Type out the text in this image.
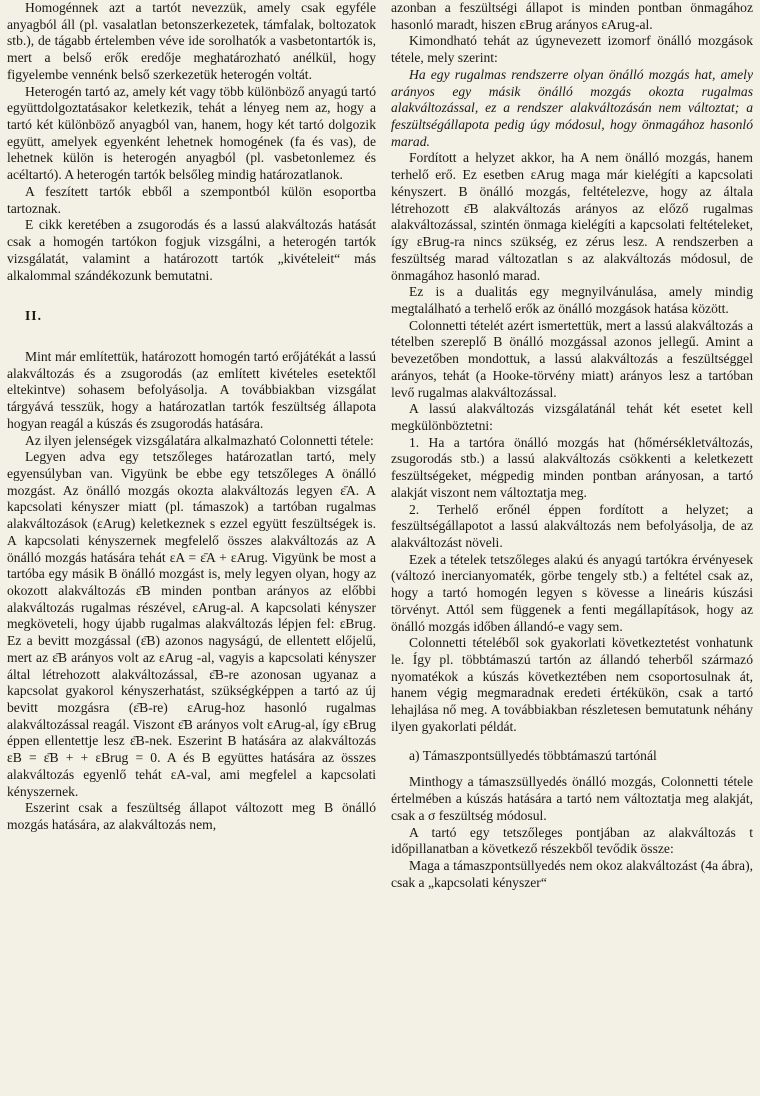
Homogénnek azt a tartót nevezzük, amely csak egyféle anyagból áll (pl. vasalatlan betonszerkezetek, támfalak, boltozatok stb.), de tágabb értelemben véve ide sorolhatók a vasbetontartók is, mert a belső erők eredője meghatározható anélkül, hogy figyelembe vennénk belső szerkezetük heterogén voltát.

Heterogén tartó az, amely két vagy több különböző anyagú tartó együttdolgoztatásakor keletkezik, tehát a lényeg nem az, hogy a tartó két különböző anyagból van, hanem, hogy két tartó dolgozik együtt, amelyek egyenként lehetnek homogének (fa és vas), de lehetnek külön is heterogén anyagból (pl. vasbetonlemez és acéltartó). A heterogén tartók belsőleg mindig határozatlanok.

A feszített tartók ebből a szempontból külön esoportba tartoznak.

E cikk keretében a zsugorodás és a lassú alakváltozás hatását csak a homogén tartókon fogjuk vizsgálni, a heterogén tartók vizsgálatát, valamint a határozott tartók „kivételeit“ más alkalommal szándékozunk bemutatni.

II.

Mint már említettük, határozott homogén tartó erőjátékát a lassú alakváltozás és a zsugorodás (az említett kivételes esetektől eltekintve) sohasem befolyásolja. A továbbiakban vizsgálat tárgyává tesszük, hogy a határozatlan tartók feszültség állapota hogyan reagál a kúszás és zsugorodás hatására.

Az ilyen jelenségek vizsgálatára alkalmazható Colonnetti tétele:

Legyen adva egy tetszőleges határozatlan tartó, mely egyensúlyban van. Vigyünk be ebbe egy tetszőleges A önálló mozgást. Az önálló mozgás okozta alakváltozás legyen ε̄A. A kapcsolati kényszer miatt (pl. támaszok) a tartóban rugalmas alakváltozások (εArug) keletkeznek s ezzel együtt feszültségek is. A kapcsolati kényszernek megfelelő összes alakváltozás az A önálló mozgás hatására tehát εA = ε̄A + εArug. Vigyünk be most a tartóba egy másik B önálló mozgást is, mely legyen olyan, hogy az okozott alakváltozás ε̄B minden pontban arányos az előbbi alakváltozás rugalmas részével, εArug-al. A kapcsolati kényszer megköveteli, hogy újabb rugalmas alakváltozás lépjen fel: εBrug. Ez a bevitt mozgással (ε̄B) azonos nagyságú, de ellentett előjelű, mert az ε̄B arányos volt az εArug -al, vagyis a kapcsolati kényszer által létrehozott alakváltozással, ε̄B-re azonosan ugyanaz a kapcsolat gyakorol kényszerhatást, szükségképpen a tartó az új bevitt mozgásra (ε̄B-re) εArug-hoz hasonló rugalmas alakváltozással reagál. Viszont ε̄B arányos volt εArug-al, így εBrug éppen ellentettje lesz ε̄B-nek. Eszerint B hatására az alakváltozás εB = ε̄B + + εBrug = 0. A és B együttes hatására az összes alakváltozás egyenlő tehát εA-val, ami megfelel a kapcsolati kényszernek.

Eszerint csak a feszültség állapot változott meg B önálló mozgás hatására, az alakváltozás nem,

azonban a feszültségi állapot is minden pontban önmagához hasonló maradt, hiszen εBrug arányos εArug-al.

Kimondható tehát az úgynevezett izomorf önálló mozgások tétele, mely szerint:

Ha egy rugalmas rendszerre olyan önálló mozgás hat, amely arányos egy másik önálló mozgás okozta rugalmas alakváltozással, ez a rendszer alakváltozásán nem változtat; a feszültségállapota pedig úgy módosul, hogy önmagához hasonló marad.

Fordított a helyzet akkor, ha A nem önálló mozgás, hanem terhelő erő. Ez esetben εArug maga már kielégíti a kapcsolati kényszert. B önálló mozgás, feltételezve, hogy az általa létrehozott ε̄B alakváltozás arányos az előző rugalmas alakváltozással, szintén önmaga kielégíti a kapcsolati feltételeket, így εBrug-ra nincs szükség, ez zérus lesz. A rendszerben a feszültség marad változatlan s az alakváltozás módosul, de önmagához hasonló marad.

Ez is a dualitás egy megnyilvánulása, amely mindig megtalálható a terhelő erők az önálló mozgások hatása között.

Colonnetti tételét azért ismertettük, mert a lassú alakváltozás a tételben szereplő B önálló mozgással azonos jellegű. Amint a bevezetőben mondottuk, a lassú alakváltozás a feszültséggel arányos, tehát (a Hooke-törvény miatt) arányos lesz a tartóban levő rugalmas alakváltozással.

A lassú alakváltozás vizsgálatánál tehát két esetet kell megkülönböztetni:

1. Ha a tartóra önálló mozgás hat (hőmérsékletváltozás, zsugorodás stb.) a lassú alakváltozás csökkenti a keletkezett feszültségeket, mégpedig minden pontban arányosan, a tartó alakját viszont nem változtatja meg.

2. Terhelő erőnél éppen fordított a helyzet; a feszültségállapotot a lassú alakváltozás nem befolyásolja, de az alakváltozást növeli.

Ezek a tételek tetszőleges alakú és anyagú tartókra érvényesek (változó inercianyomaték, görbe tengely stb.) a feltétel csak az, hogy a tartó homogén legyen s kövesse a lineáris kúszási törvényt. Attól sem függenek a fenti megállapítások, hogy az önálló mozgás időben állandó-e vagy sem.

Colonnetti tételéből sok gyakorlati következtetést vonhatunk le. Így pl. többtámaszú tartón az állandó teherből származó nyomatékok a kúszás következtében nem csoportosulnak át, hanem végig megmaradnak eredeti értékükön, csak a tartó lehajlása nő meg. A továbbiakban részletesen bemutatunk néhány ilyen gyakorlati példát.

a) Támaszpontsüllyedés többtámaszú tartónál

Minthogy a támaszsüllyedés önálló mozgás, Colonnetti tétele értelmében a kúszás hatására a tartó nem változtatja meg alakját, csak a σ feszültség módosul.

A tartó egy tetszőleges pontjában az alakváltozás t időpillanatban a következő részekből tevődik össze:

Maga a támaszpontsüllyedés nem okoz alakváltozást (4a ábra), csak a „kapcsolati kényszer“
